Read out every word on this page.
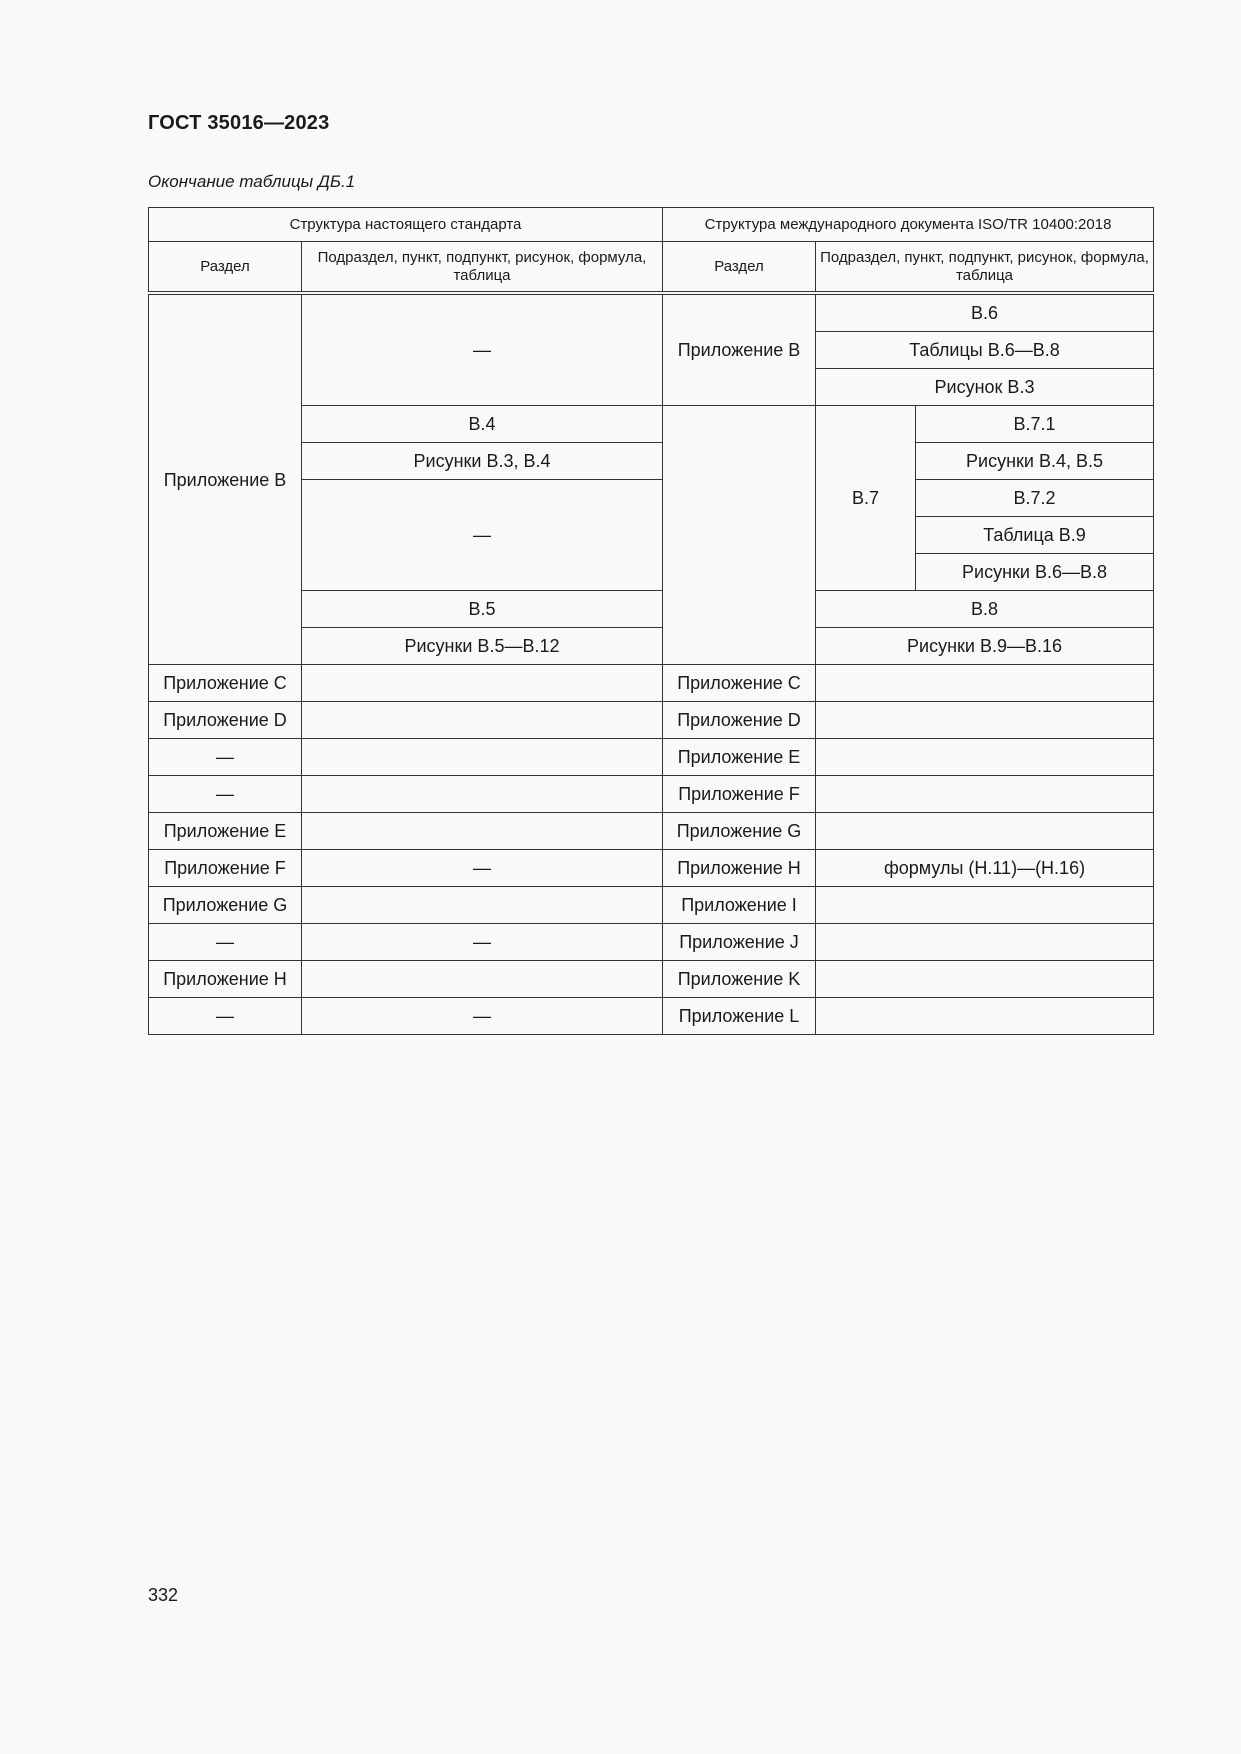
ГОСТ 35016—2023
Окончание таблицы ДБ.1
Структура настоящего стандарта		Структура международного документа ISO/TR 10400:2018		
Раздел	Подраздел, пункт, подпункт, рисунок, формула, таблица	Раздел	Подраздел, пункт, подпункт, рисунок, формула, таблица	
Приложение B	—	Приложение B	B.6	
			Таблицы B.6—B.8	
			Рисунок B.3	
	B.4		B.7	B.7.1
	Рисунки B.3, B.4			Рисунки B.4, B.5
	—			B.7.2
				Таблица B.9
				Рисунки B.6—B.8
	B.5		B.8	
	Рисунки B.5—B.12		Рисунки B.9—B.16	
Приложение C		Приложение C		
Приложение D		Приложение D		
—		Приложение E		
—		Приложение F		
Приложение E		Приложение G		
Приложение F	—	Приложение H	формулы (H.11)—(H.16)	
Приложение G		Приложение I		
—	—	Приложение J		
Приложение H		Приложение K		
—	—	Приложение L		
332
